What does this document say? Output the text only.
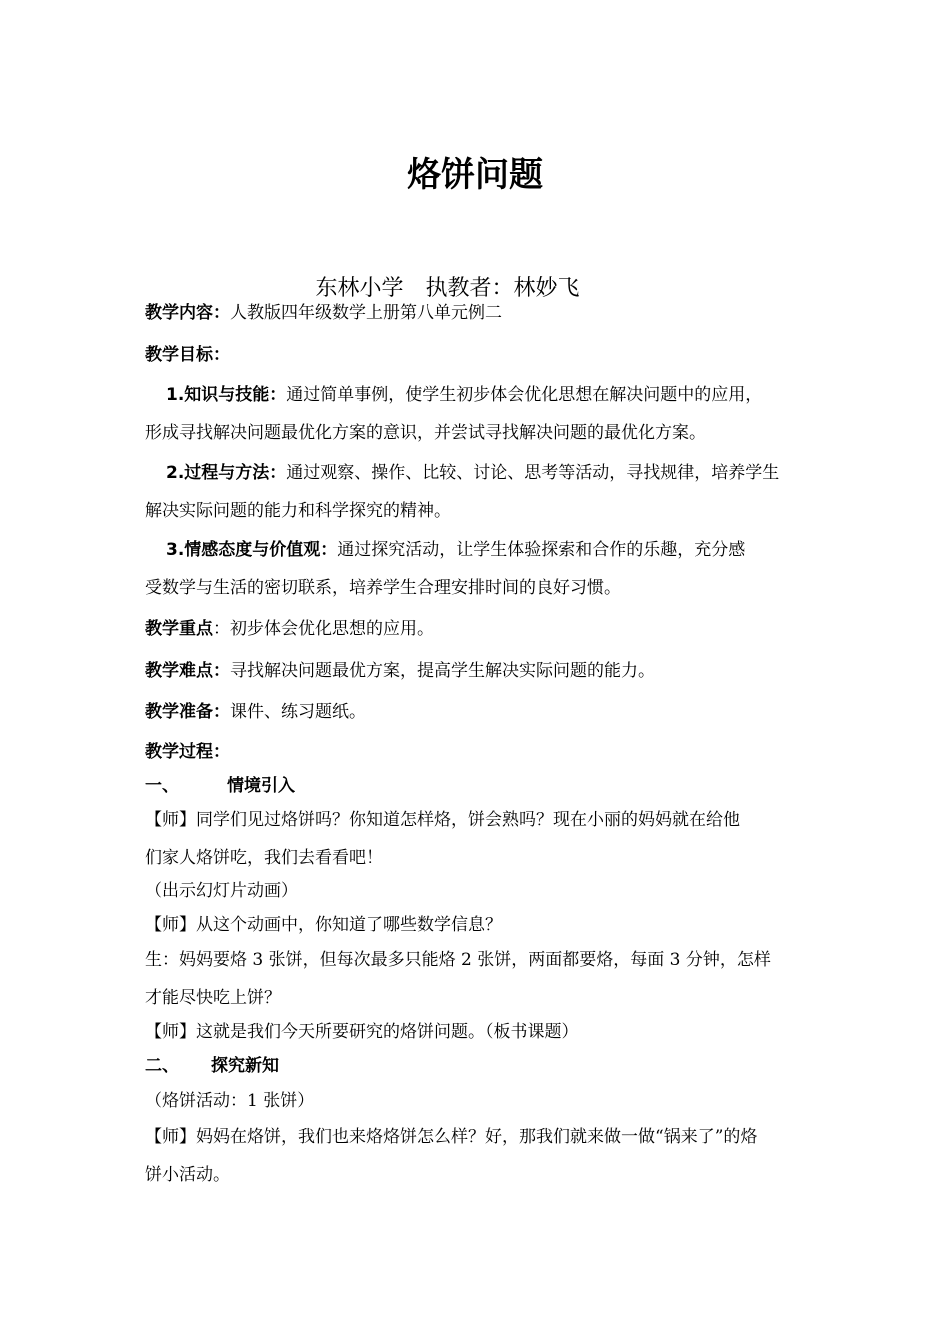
烙饼问题
东林小学　执教者：林妙飞
教学内容：人教版四年级数学上册第八单元例二
教学目标：
1.知识与技能：通过简单事例，使学生初步体会优化思想在解决问题中的应用，
形成寻找解决问题最优化方案的意识，并尝试寻找解决问题的最优化方案。
2.过程与方法：通过观察、操作、比较、讨论、思考等活动，寻找规律，培养学生
解决实际问题的能力和科学探究的精神。
3.情感态度与价值观：通过探究活动，让学生体验探索和合作的乐趣，充分感
受数学与生活的密切联系，培养学生合理安排时间的良好习惯。
教学重点：初步体会优化思想的应用。
教学难点：寻找解决问题最优方案，提高学生解决实际问题的能力。
教学准备：课件、练习题纸。
教学过程：
一、	情境引入
【师】同学们见过烙饼吗？你知道怎样烙，饼会熟吗？现在小丽的妈妈就在给他
们家人烙饼吃，我们去看看吧！
（出示幻灯片动画）
【师】从这个动画中，你知道了哪些数学信息？
生：妈妈要烙 3 张饼，但每次最多只能烙 2 张饼，两面都要烙，每面 3 分钟，怎样
才能尽快吃上饼？
【师】这就是我们今天所要研究的烙饼问题。（板书课题）
二、 探究新知
（烙饼活动：1 张饼）
【师】妈妈在烙饼，我们也来烙烙饼怎么样？好，那我们就来做一做“锅来了”的烙
饼小活动。
